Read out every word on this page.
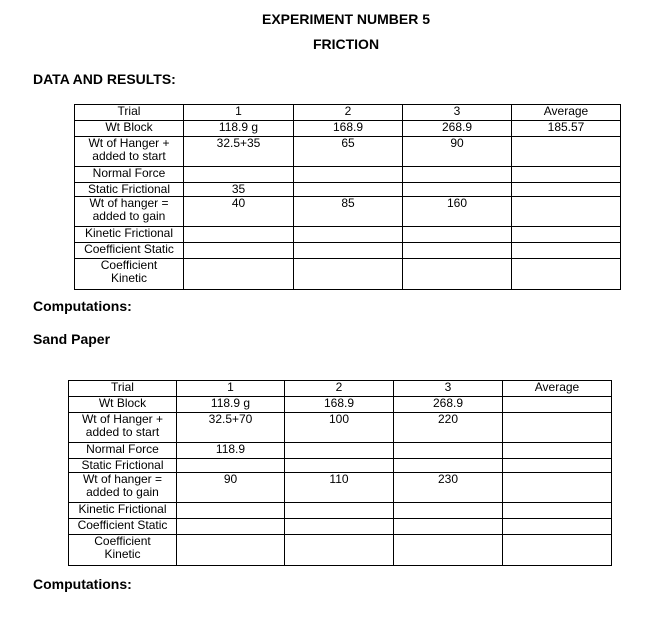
EXPERIMENT NUMBER 5
FRICTION
DATA AND RESULTS:
Trial	1	2	3	Average
Wt Block	118.9 g	168.9	268.9	185.57
Wt of Hanger +
added to start	32.5+35	65	90	
Normal Force				
Static Frictional	35			
Wt of hanger =
added to gain	40	85	160	
Kinetic Frictional				
Coefficient Static				
Coefficient
Kinetic				
Computations:
Sand Paper
Trial	1	2	3	Average
Wt Block	118.9 g	168.9	268.9	
Wt of Hanger +
added to start	32.5+70	100	220	
Normal Force	118.9			
Static Frictional				
Wt of hanger =
added to gain	90	110	230	
Kinetic Frictional				
Coefficient Static				
Coefficient
Kinetic				
Computations:
